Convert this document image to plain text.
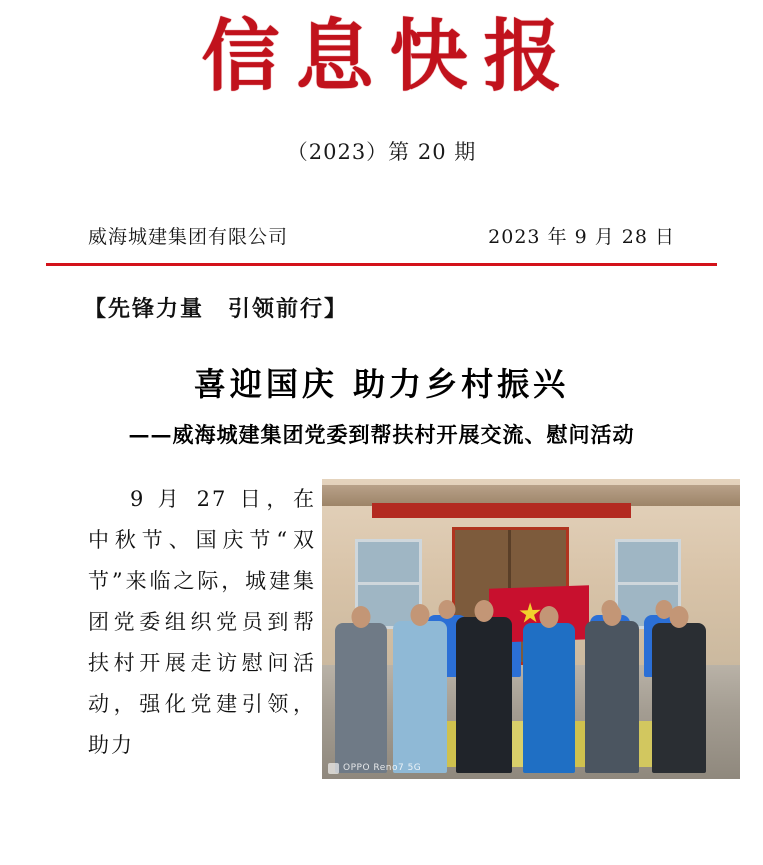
信息快报
（2023）第 20 期
威海城建集团有限公司	2023 年 9 月 28 日
【先锋力量　引领前行】
喜迎国庆 助力乡村振兴
——威海城建集团党委到帮扶村开展交流、慰问活动

9 月 27 日，在中秋节、国庆节“双节”来临之际，城建集团党委组织党员到帮扶村开展走访慰问活动，强化党建引领，助力

OPPO Reno7 5G
